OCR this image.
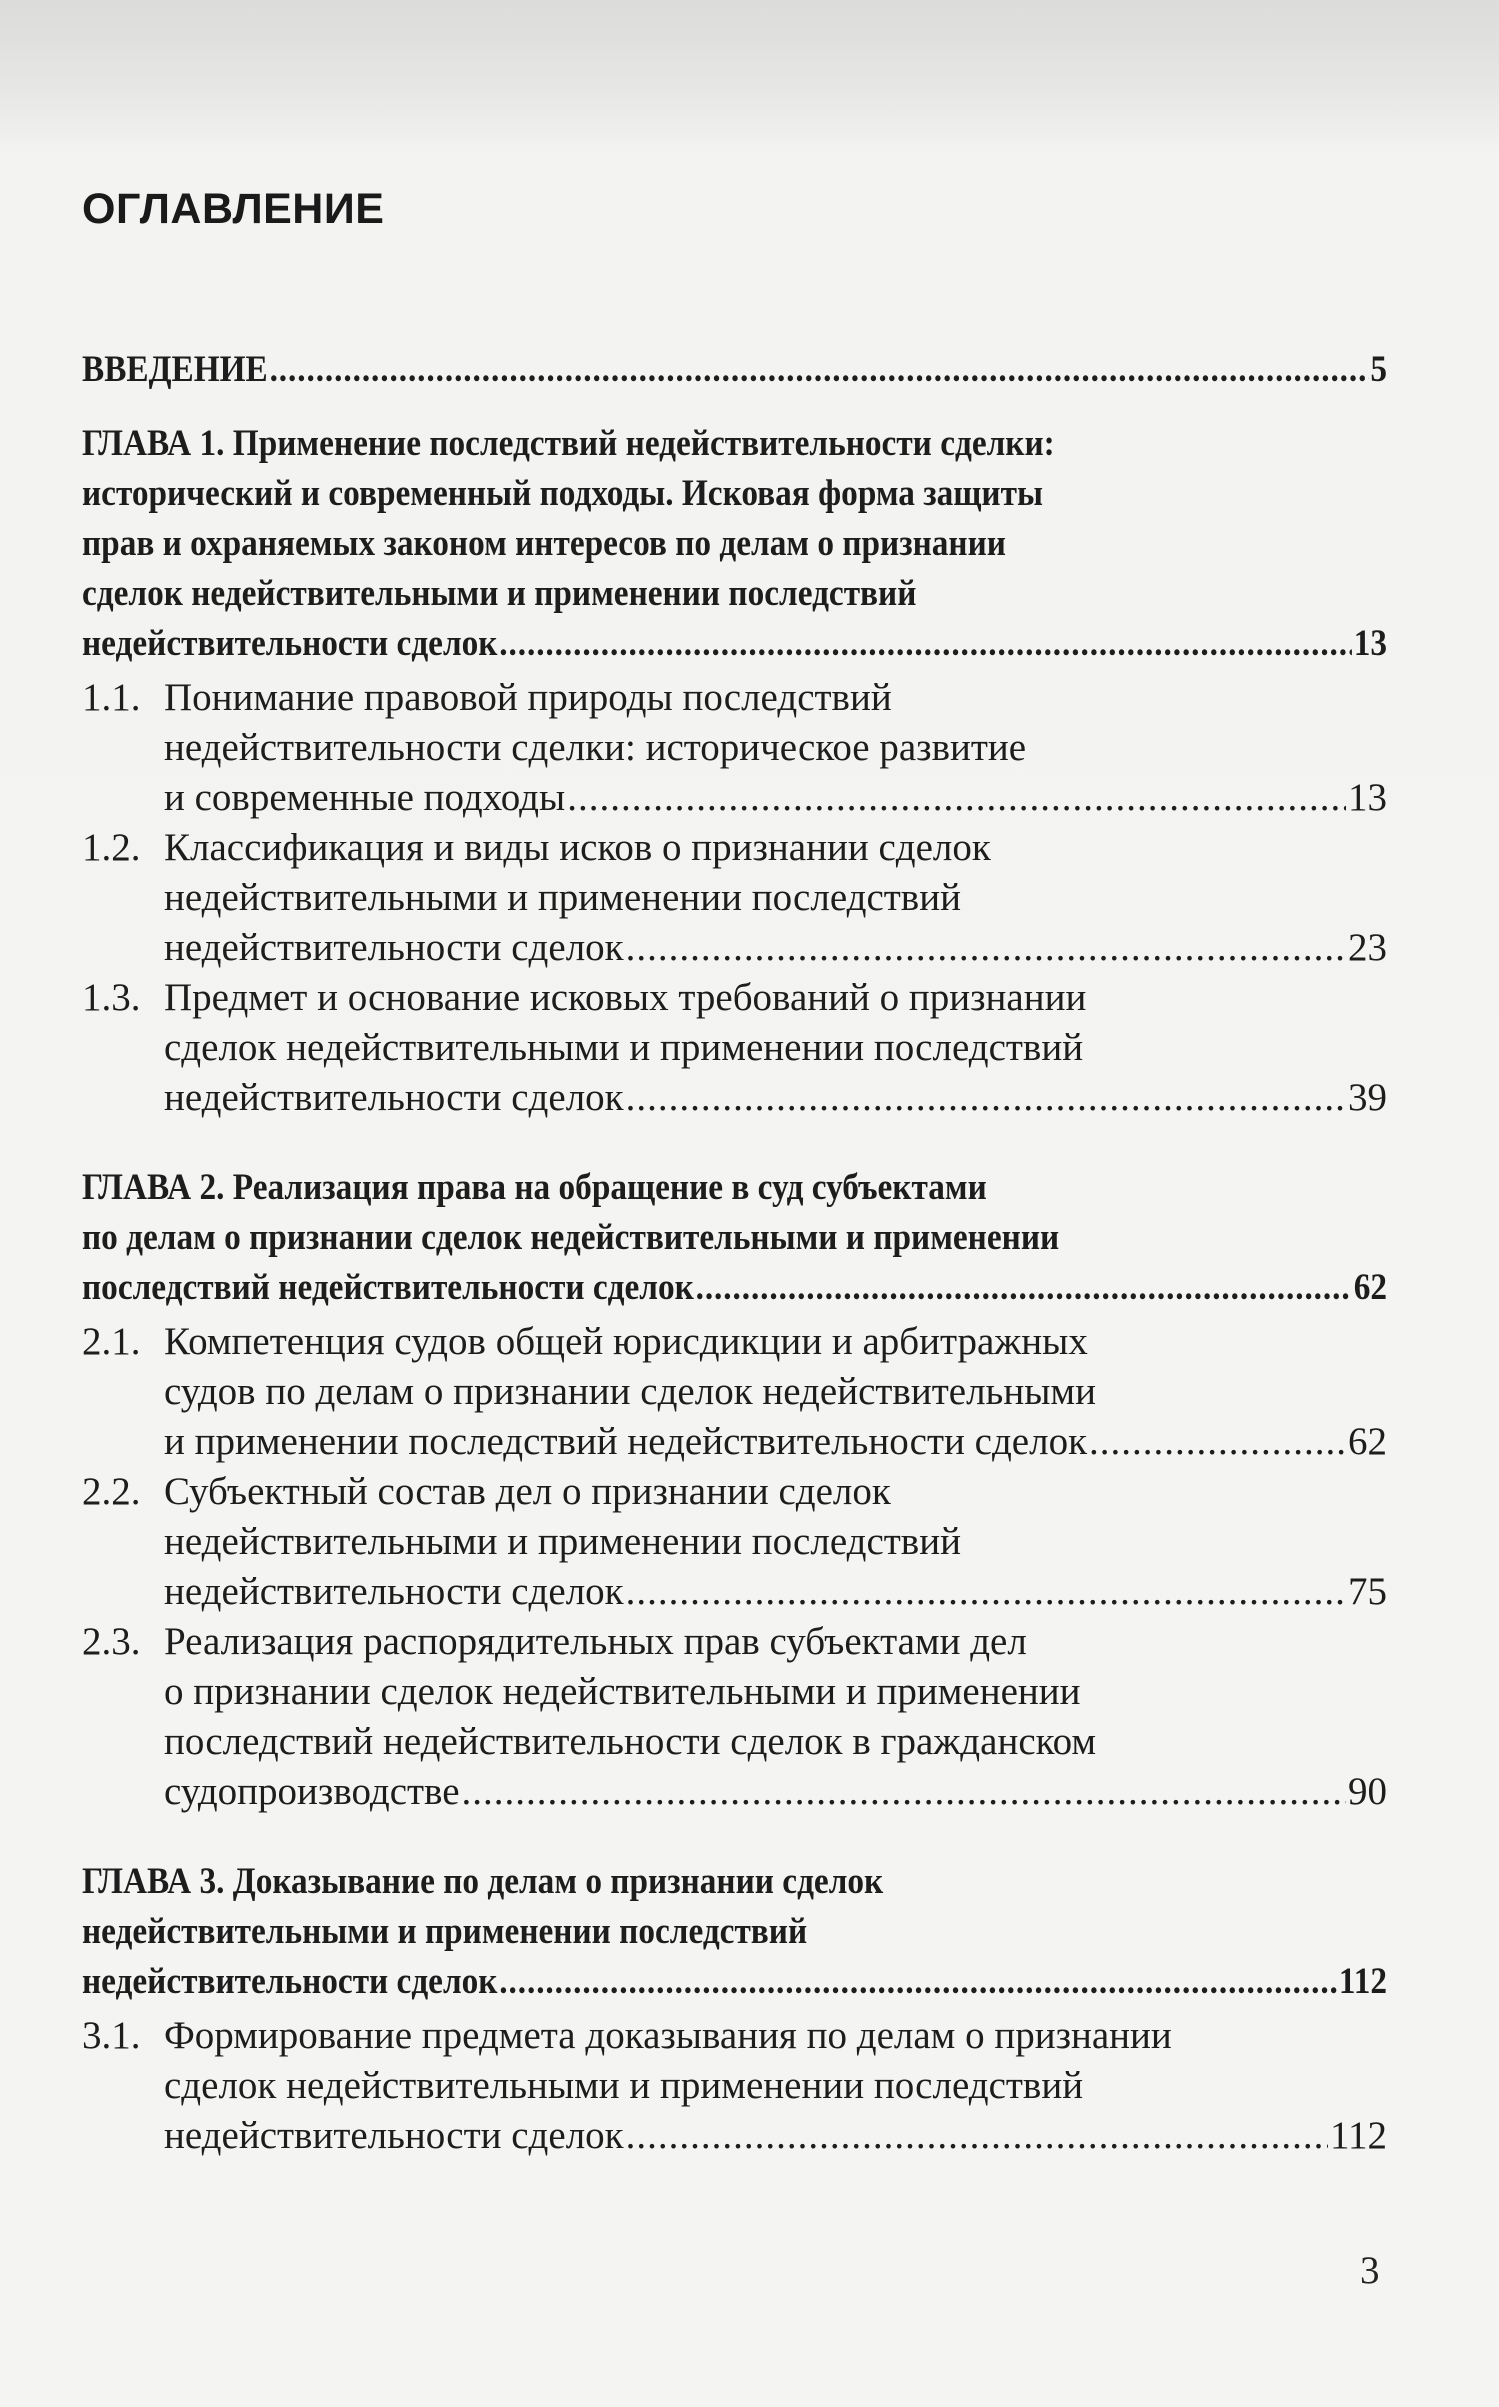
ОГЛАВЛЕНИЕ
ВВЕДЕНИЕ .....	5
ГЛАВА 1. Применение последствий недействительности сделки:
исторический и современный подходы. Исковая форма защиты
прав и охраняемых законом интересов по делам о признании
сделок недействительными и применении последствий
недействительности сделок .....	13
1.1. Понимание правовой природы последствий
недействительности сделки: историческое развитие
и современные подходы .....	13
1.2. Классификация и виды исков о признании сделок
недействительными и применении последствий
недействительности сделок .....	23
1.3. Предмет и основание исковых требований о признании
сделок недействительными и применении последствий
недействительности сделок .....	39
ГЛАВА 2. Реализация права на обращение в суд субъектами
по делам о признании сделок недействительными и применении
последствий недействительности сделок .....	62
2.1. Компетенция судов общей юрисдикции и арбитражных
судов по делам о признании сделок недействительными
и применении последствий недействительности сделок .....	62
2.2. Субъектный состав дел о признании сделок
недействительными и применении последствий
недействительности сделок .....	75
2.3. Реализация распорядительных прав субъектами дел
о признании сделок недействительными и применении
последствий недействительности сделок в гражданском
судопроизводстве .....	90
ГЛАВА 3. Доказывание по делам о признании сделок
недействительными и применении последствий
недействительности сделок .....	112
3.1. Формирование предмета доказывания по делам о признании
сделок недействительными и применении последствий
недействительности сделок .....	112
3
